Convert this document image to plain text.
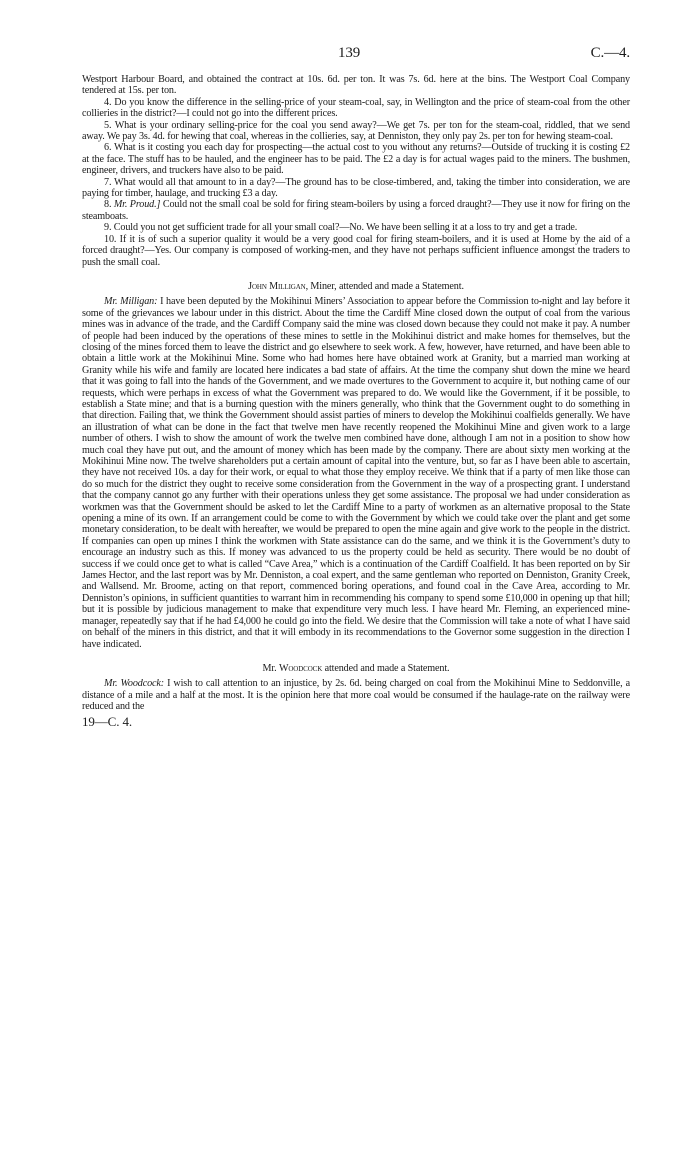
139	C.—4.

Westport Harbour Board, and obtained the contract at 10s. 6d. per ton. It was 7s. 6d. here at the bins. The Westport Coal Company tendered at 15s. per ton.

4. Do you know the difference in the selling-price of your steam-coal, say, in Wellington and the price of steam-coal from the other collieries in the district?—I could not go into the different prices.

5. What is your ordinary selling-price for the coal you send away?—We get 7s. per ton for the steam-coal, riddled, that we send away. We pay 3s. 4d. for hewing that coal, whereas in the collieries, say, at Denniston, they only pay 2s. per ton for hewing steam-coal.

6. What is it costing you each day for prospecting—the actual cost to you without any returns?—Outside of trucking it is costing £2 at the face. The stuff has to be hauled, and the engineer has to be paid. The £2 a day is for actual wages paid to the miners. The bushmen, engineer, drivers, and truckers have also to be paid.

7. What would all that amount to in a day?—The ground has to be close-timbered, and, taking the timber into consideration, we are paying for timber, haulage, and trucking £3 a day.

8. Mr. Proud.] Could not the small coal be sold for firing steam-boilers by using a forced draught?—They use it now for firing on the steamboats.

9. Could you not get sufficient trade for all your small coal?—No. We have been selling it at a loss to try and get a trade.

10. If it is of such a superior quality it would be a very good coal for firing steam-boilers, and it is used at Home by the aid of a forced draught?—Yes. Our company is composed of working-men, and they have not perhaps sufficient influence amongst the traders to push the small coal.

John Milligan, Miner, attended and made a Statement.

Mr. Milligan: I have been deputed by the Mokihinui Miners’ Association to appear before the Commission to-night and lay before it some of the grievances we labour under in this district. About the time the Cardiff Mine closed down the output of coal from the various mines was in advance of the trade, and the Cardiff Company said the mine was closed down because they could not make it pay. A number of people had been induced by the operations of these mines to settle in the Mokihinui district and make homes for themselves, but the closing of the mines forced them to leave the district and go elsewhere to seek work. A few, however, have returned, and have been able to obtain a little work at the Mokihinui Mine. Some who had homes here have obtained work at Granity, but a married man working at Granity while his wife and family are located here indicates a bad state of affairs. At the time the company shut down the mine we heard that it was going to fall into the hands of the Government, and we made overtures to the Government to acquire it, but nothing came of our requests, which were perhaps in excess of what the Government was prepared to do. We would like the Government, if it be possible, to establish a State mine; and that is a burning question with the miners generally, who think that the Government ought to do something in that direction. Failing that, we think the Government should assist parties of miners to develop the Mokihinui coalfields generally. We have an illustration of what can be done in the fact that twelve men have recently reopened the Mokihinui Mine and given work to a large number of others. I wish to show the amount of work the twelve men combined have done, although I am not in a position to show how much coal they have put out, and the amount of money which has been made by the company. There are about sixty men working at the Mokihinui Mine now. The twelve shareholders put a certain amount of capital into the venture, but, so far as I have been able to ascertain, they have not received 10s. a day for their work, or equal to what those they employ receive. We think that if a party of men like those can do so much for the district they ought to receive some consideration from the Government in the way of a prospecting grant. I understand that the company cannot go any further with their operations unless they get some assistance. The proposal we had under consideration as workmen was that the Government should be asked to let the Cardiff Mine to a party of workmen as an alternative proposal to the State opening a mine of its own. If an arrangement could be come to with the Government by which we could take over the plant and get some monetary consideration, to be dealt with hereafter, we would be prepared to open the mine again and give work to the people in the district. If companies can open up mines I think the workmen with State assistance can do the same, and we think it is the Government’s duty to encourage an industry such as this. If money was advanced to us the property could be held as security. There would be no doubt of success if we could once get to what is called “Cave Area,” which is a continuation of the Cardiff Coalfield. It has been reported on by Sir James Hector, and the last report was by Mr. Denniston, a coal expert, and the same gentleman who reported on Denniston, Granity Creek, and Wallsend. Mr. Broome, acting on that report, commenced boring operations, and found coal in the Cave Area, according to Mr. Denniston’s opinions, in sufficient quantities to warrant him in recommending his company to spend some £10,000 in opening up that hill; but it is possible by judicious management to make that expenditure very much less. I have heard Mr. Fleming, an experienced mine-manager, repeatedly say that if he had £4,000 he could go into the field. We desire that the Commission will take a note of what I have said on behalf of the miners in this district, and that it will embody in its recommendations to the Governor some suggestion in the direction I have indicated.

Mr. Woodcock attended and made a Statement.

Mr. Woodcock: I wish to call attention to an injustice, by 2s. 6d. being charged on coal from the Mokihinui Mine to Seddonville, a distance of a mile and a half at the most. It is the opinion here that more coal would be consumed if the haulage-rate on the railway were reduced and the

19—C. 4.
